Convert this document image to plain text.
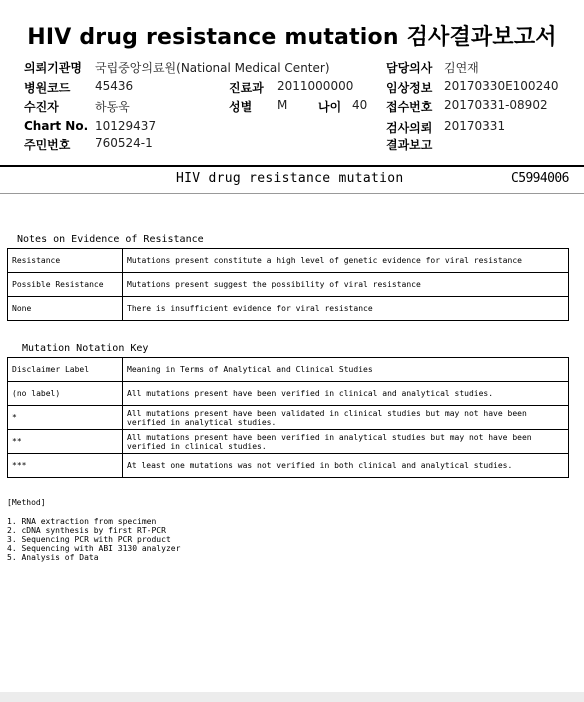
HIV drug resistance mutation 검사결과보고서
의뢰기관명 국립중앙의료원(National Medical Center)	담당의사 김연재
병원코드 45436	진료과 2011000000	임상정보 20170330E100240
수진자	하동욱	성별 M	나이 40 접수번호 20170331-08902
Chart No. 10129437	검사의뢰 20170331
주민번호 760524-1	결과보고
HIV drug resistance mutation	C5994006
Notes on Evidence of Resistance
Resistance	Mutations present constitute a high level of genetic evidence for viral resistance
Possible Resistance	Mutations present suggest the possibility of viral resistance
None	There is insufficient evidence for viral resistance
Mutation Notation Key
Disclaimer Label	Meaning in Terms of Analytical and Clinical Studies
(no label)	All mutations present have been verified in clinical and analytical studies.
*	All mutations present have been validated in clinical studies but may not have been verified in analytical studies.
**	All mutations present have been verified in analytical studies but may not have been verified in clinical studies.
***	At least one mutations was not verified in both clinical and analytical studies.
[Method]
1. RNA extraction from specimen
2. cDNA synthesis by first RT-PCR
3. Sequencing PCR with PCR product
4. Sequencing with ABI 3130 analyzer
5. Analysis of Data
